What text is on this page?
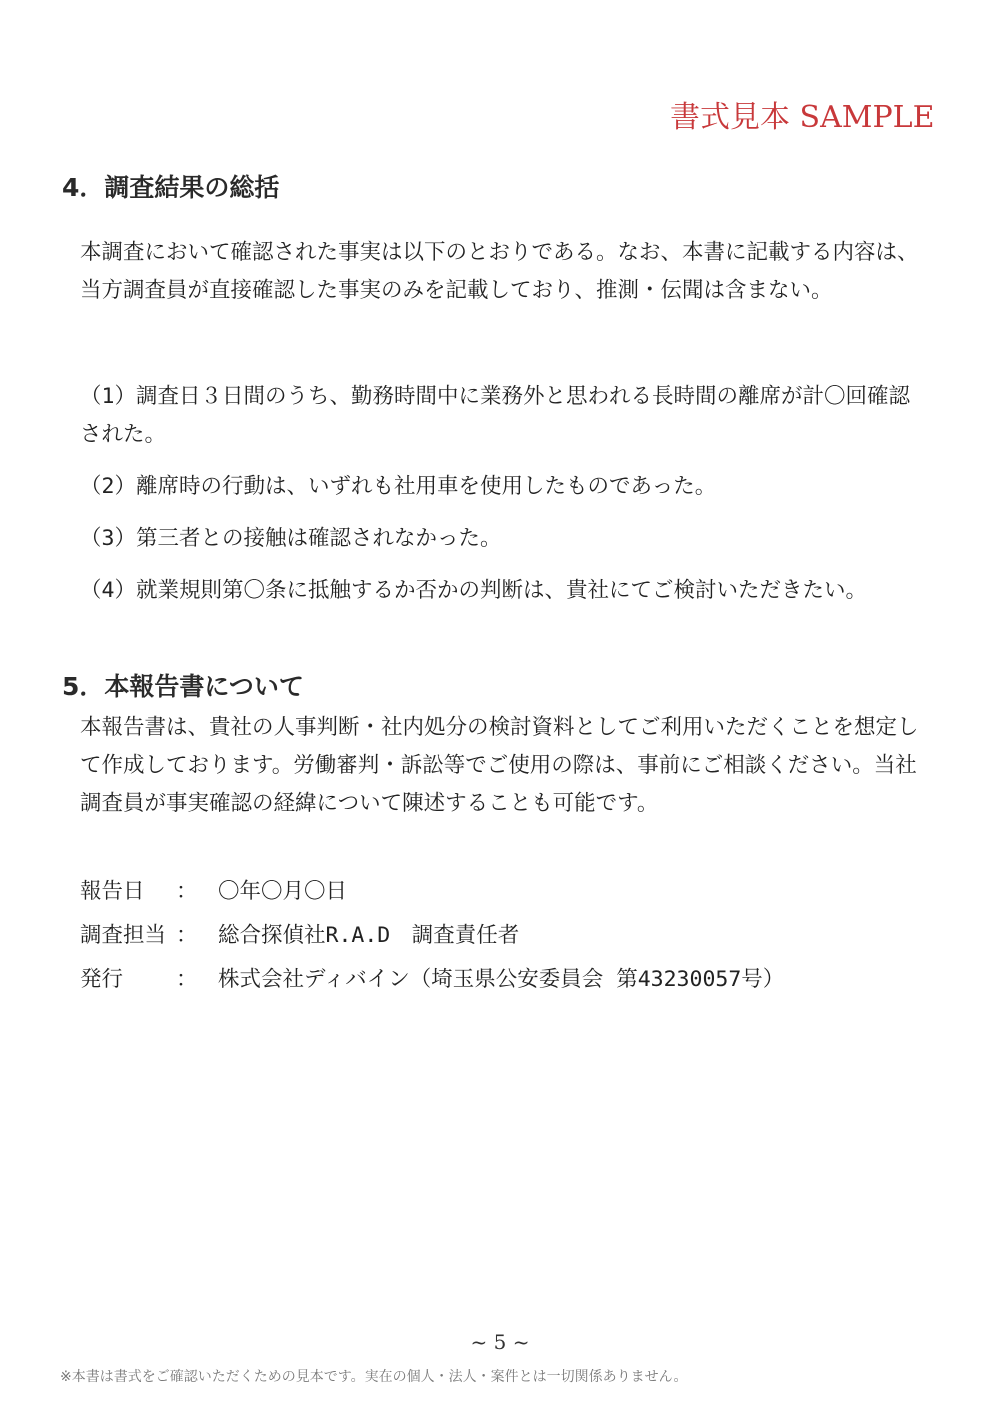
書式見本 SAMPLE
4．調査結果の総括

本調査において確認された事実は以下のとおりである。なお、本書に記載する内容は、当方調査員が直接確認した事実のみを記載しており、推測・伝聞は含まない。

（1）調査日３日間のうち、勤務時間中に業務外と思われる長時間の離席が計〇回確認された。

（2）離席時の行動は、いずれも社用車を使用したものであった。

（3）第三者との接触は確認されなかった。

（4）就業規則第〇条に抵触するか否かの判断は、貴社にてご検討いただきたい。

5．本報告書について

本報告書は、貴社の人事判断・社内処分の検討資料としてご利用いただくことを想定して作成しております。労働審判・訴訟等でご使用の際は、事前にご相談ください。当社調査員が事実確認の経緯について陳述することも可能です。

報告日 ： 〇年〇月〇日
調査担当 ： 総合探偵社R.A.D　調査責任者
発行 ： 株式会社ディバイン（埼玉県公安委員会 第43230057号）
~ 5 ~
※本書は書式をご確認いただくための見本です。実在の個人・法人・案件とは一切関係ありません。
